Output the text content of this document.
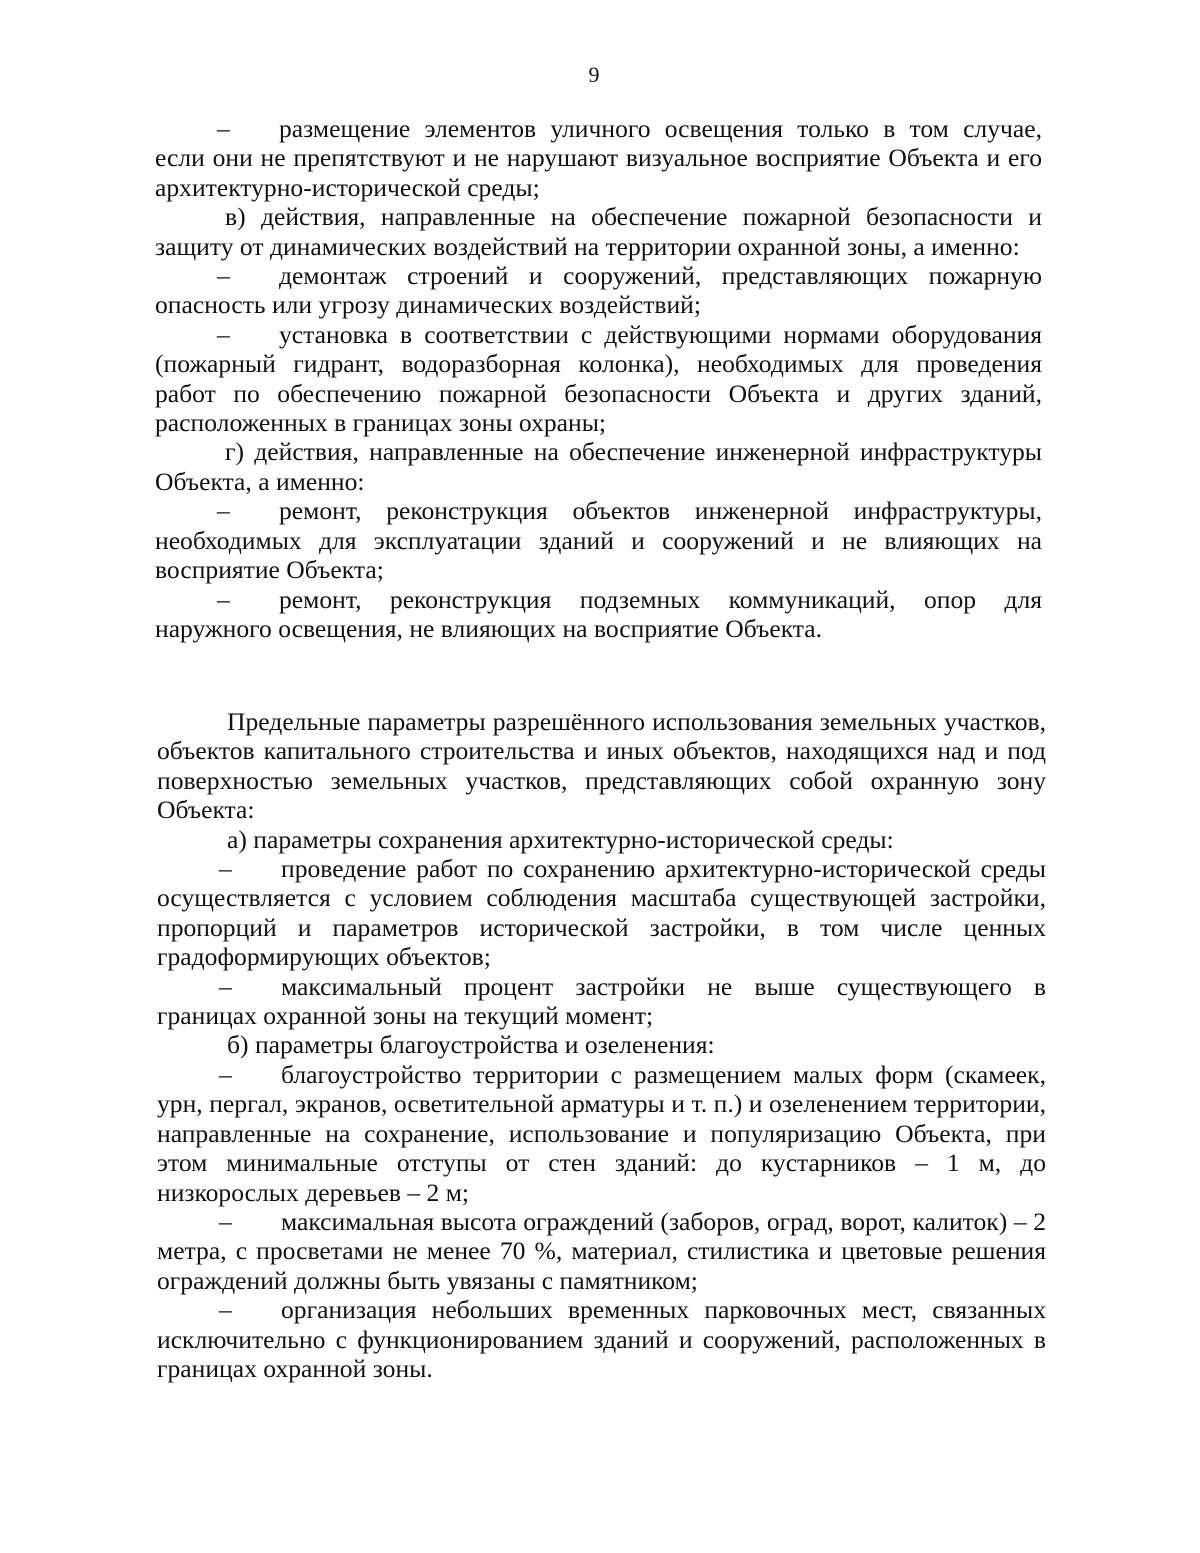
9

– размещение элементов уличного освещения только в том случае, если они не препятствуют и не нарушают визуальное восприятие Объекта и его архитектурно-исторической среды;

в) действия, направленные на обеспечение пожарной безопасности и защиту от динамических воздействий на территории охранной зоны, а именно:

– демонтаж строений и сооружений, представляющих пожарную опасность или угрозу динамических воздействий;

– установка в соответствии с действующими нормами оборудования (пожарный гидрант, водоразборная колонка), необходимых для проведения работ по обеспечению пожарной безопасности Объекта и других зданий, расположенных в границах зоны охраны;

г) действия, направленные на обеспечение инженерной инфраструктуры Объекта, а именно:

– ремонт, реконструкция объектов инженерной инфраструктуры, необходимых для эксплуатации зданий и сооружений и не влияющих на восприятие Объекта;

– ремонт, реконструкция подземных коммуникаций, опор для наружного освещения, не влияющих на восприятие Объекта.

Предельные параметры разрешённого использования земельных участков, объектов капитального строительства и иных объектов, находящихся над и под поверхностью земельных участков, представляющих собой охранную зону Объекта:

а) параметры сохранения архитектурно-исторической среды:

– проведение работ по сохранению архитектурно-исторической среды осуществляется с условием соблюдения масштаба существующей застройки, пропорций и параметров исторической застройки, в том числе ценных градоформирующих объектов;

– максимальный процент застройки не выше существующего в границах охранной зоны на текущий момент;

б) параметры благоустройства и озеленения:

– благоустройство территории с размещением малых форм (скамеек, урн, пергал, экранов, осветительной арматуры и т. п.) и озеленением территории, направленные на сохранение, использование и популяризацию Объекта, при этом минимальные отступы от стен зданий: до кустарников – 1 м, до низкорослых деревьев – 2 м;

– максимальная высота ограждений (заборов, оград, ворот, калиток) – 2 метра, с просветами не менее 70 %, материал, стилистика и цветовые решения ограждений должны быть увязаны с памятником;

– организация небольших временных парковочных мест, связанных исключительно с функционированием зданий и сооружений, расположенных в границах охранной зоны.
